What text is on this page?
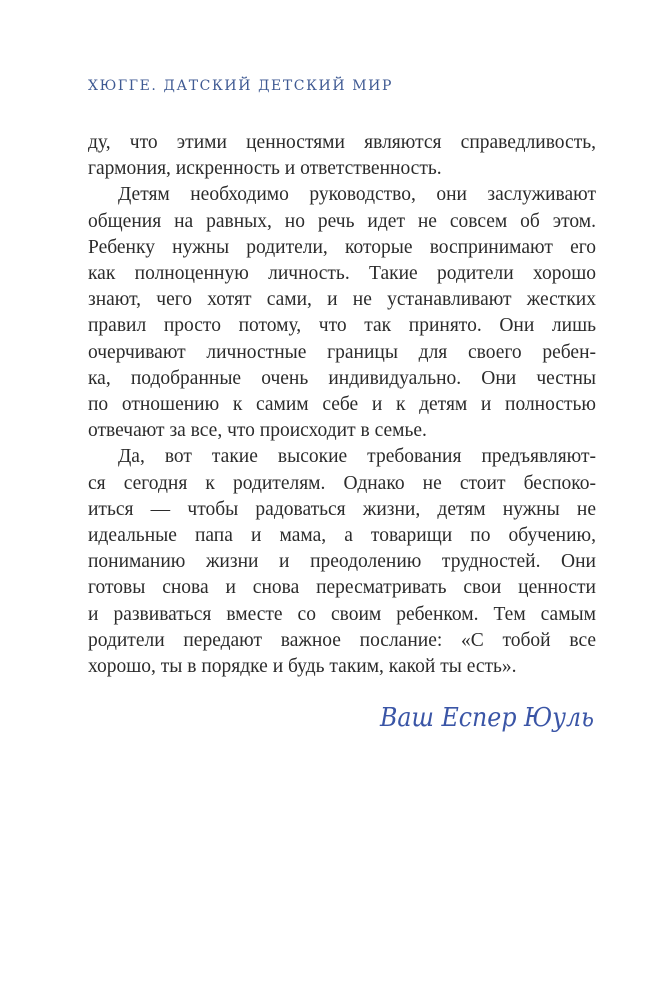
ХЮГГЕ. ДАТСКИЙ ДЕТСКИЙ МИР

ду, что этими ценностями являются справедливость,
гармония, искренность и ответственность.

Детям необходимо руководство, они заслуживают
общения на равных, но речь идет не совсем об этом.
Ребенку нужны родители, которые воспринимают его
как полноценную личность. Такие родители хорошо
знают, чего хотят сами, и не устанавливают жестких
правил просто потому, что так принято. Они лишь
очерчивают личностные границы для своего ребен-
ка, подобранные очень индивидуально. Они честны
по отношению к самим себе и к детям и полностью
отвечают за все, что происходит в семье.

Да, вот такие высокие требования предъявляют-
ся сегодня к родителям. Однако не стоит беспоко-
иться — чтобы радоваться жизни, детям нужны не
идеальные папа и мама, а товарищи по обучению,
пониманию жизни и преодолению трудностей. Они
готовы снова и снова пересматривать свои ценности
и развиваться вместе со своим ребенком. Тем самым
родители передают важное послание: «С тобой все
хорошо, ты в порядке и будь таким, какой ты есть».

Ваш Еспер Юуль
